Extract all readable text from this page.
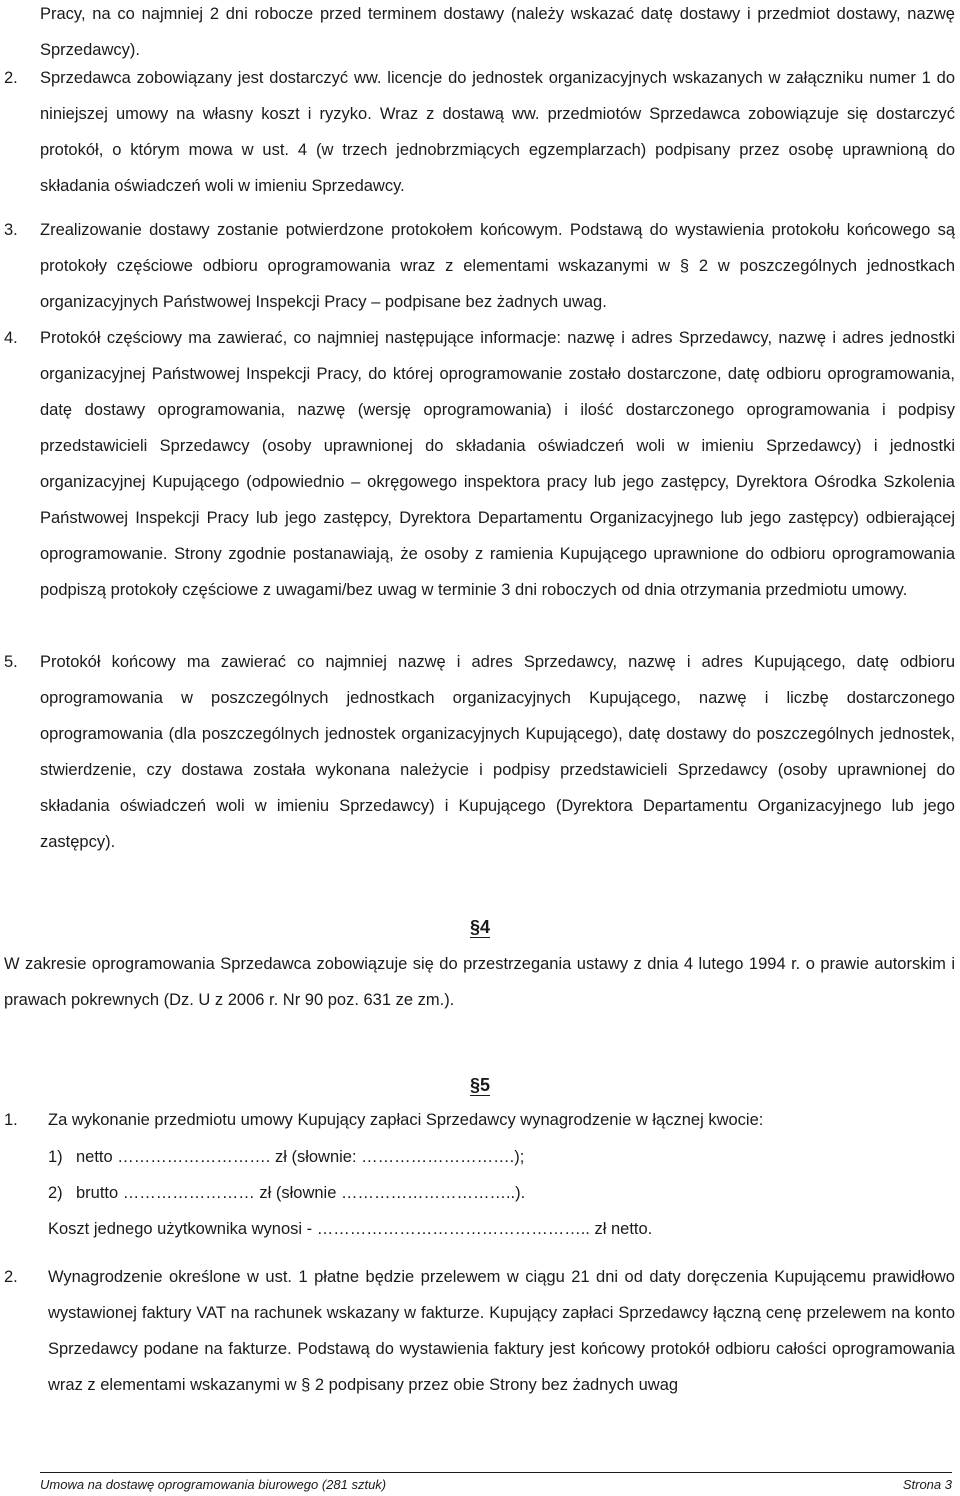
Pracy, na co najmniej 2 dni robocze przed terminem dostawy (należy wskazać datę dostawy i przedmiot dostawy, nazwę Sprzedawcy).
2.	Sprzedawca zobowiązany jest dostarczyć ww. licencje do jednostek organizacyjnych wskazanych w załączniku numer 1 do niniejszej umowy na własny koszt i ryzyko. Wraz z dostawą ww. przedmiotów Sprzedawca zobowiązuje się dostarczyć protokół, o którym mowa w ust. 4 (w trzech jednobrzmiących egzemplarzach) podpisany przez osobę uprawnioną do składania oświadczeń woli w imieniu Sprzedawcy.
3.	Zrealizowanie dostawy zostanie potwierdzone protokołem końcowym. Podstawą do wystawienia protokołu końcowego są protokoły częściowe odbioru oprogramowania wraz z elementami wskazanymi w § 2 w poszczególnych jednostkach organizacyjnych Państwowej Inspekcji Pracy – podpisane bez żadnych uwag.
4.	Protokół częściowy ma zawierać, co najmniej następujące informacje: nazwę i adres Sprzedawcy, nazwę i adres jednostki organizacyjnej Państwowej Inspekcji Pracy, do której oprogramowanie zostało dostarczone, datę odbioru oprogramowania, datę dostawy oprogramowania, nazwę (wersję oprogramowania) i ilość dostarczonego oprogramowania i podpisy przedstawicieli Sprzedawcy (osoby uprawnionej do składania oświadczeń woli w imieniu Sprzedawcy) i jednostki organizacyjnej Kupującego (odpowiednio – okręgowego inspektora pracy lub jego zastępcy, Dyrektora Ośrodka Szkolenia Państwowej Inspekcji Pracy lub jego zastępcy, Dyrektora Departamentu Organizacyjnego lub jego zastępcy) odbierającej oprogramowanie. Strony zgodnie postanawiają, że osoby z ramienia Kupującego uprawnione do odbioru oprogramowania podpiszą protokoły częściowe z uwagami/bez uwag w terminie 3 dni roboczych od dnia otrzymania przedmiotu umowy.
5.	Protokół końcowy ma zawierać co najmniej nazwę i adres Sprzedawcy, nazwę i adres Kupującego, datę odbioru oprogramowania w poszczególnych jednostkach organizacyjnych Kupującego, nazwę i liczbę dostarczonego oprogramowania (dla poszczególnych jednostek organizacyjnych Kupującego), datę dostawy do poszczególnych jednostek, stwierdzenie, czy dostawa została wykonana należycie i podpisy przedstawicieli Sprzedawcy (osoby uprawnionej do składania oświadczeń woli w imieniu Sprzedawcy) i Kupującego (Dyrektora Departamentu Organizacyjnego lub jego zastępcy).
§4
W zakresie oprogramowania Sprzedawca zobowiązuje się do przestrzegania ustawy z dnia 4 lutego 1994 r. o prawie autorskim i prawach pokrewnych (Dz. U z 2006 r. Nr 90 poz. 631 ze zm.).
§5
1.	Za wykonanie przedmiotu umowy Kupujący zapłaci Sprzedawcy wynagrodzenie w łącznej kwocie:
1) netto ………………………. zł (słownie: ……………………….);
2) brutto …………………… zł (słownie …………………………..).
Koszt jednego użytkownika wynosi - ………………………………………….. zł netto.
2.	Wynagrodzenie określone w ust. 1 płatne będzie przelewem w ciągu 21 dni od daty doręczenia Kupującemu prawidłowo wystawionej faktury VAT na rachunek wskazany w fakturze. Kupujący zapłaci Sprzedawcy łączną cenę przelewem na konto Sprzedawcy podane na fakturze. Podstawą do wystawienia faktury jest końcowy protokół odbioru całości oprogramowania wraz z elementami wskazanymi w § 2 podpisany przez obie Strony bez żadnych uwag
Umowa na dostawę oprogramowania biurowego (281 sztuk)	Strona 3
